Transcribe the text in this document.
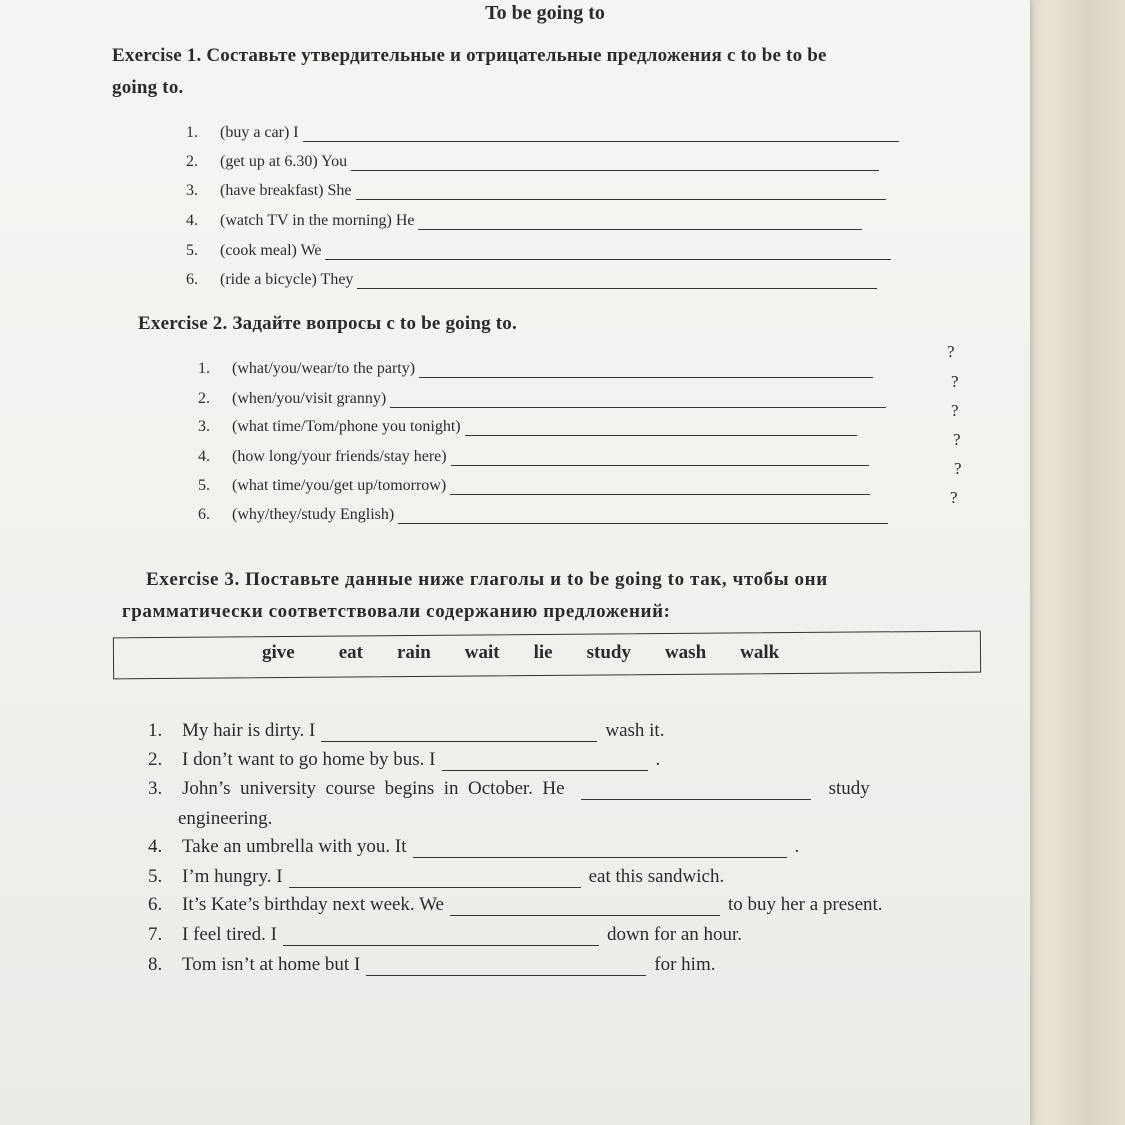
To be going to
Exercise 1. Составьте утвердительные и отрицательные предложения с to be to be
going to.
1.	(buy a car) I
2.	(get up at 6.30) You
3.	(have breakfast) She
4.	(watch TV in the morning) He
5.	(cook meal) We
6.	(ride a bicycle) They
Exercise 2. Задайте вопросы с to be going to.
1.	(what/you/wear/to the party)
2.	(when/you/visit granny)
3.	(what time/Tom/phone you tonight)
4.	(how long/your friends/stay here)
5.	(what time/you/get up/tomorrow)
6.	(why/they/study English)
?
?
?
?
?
?
Exercise 3. Поставьте данные ниже глаголы и to be going to так, чтобы они
грамматически соответствовали содержанию предложений:
give eat rain wait lie study wash walk
1.	My hair is dirty. I	wash it.
2.	I don’t want to go home by bus. I	.
3.	John’s  university  course  begins  in  October.  He	study
engineering.
4.	Take an umbrella with you. It	.
5.	I’m hungry. I	eat this sandwich.
6.	It’s Kate’s birthday next week. We	to buy her a present.
7.	I feel tired. I	down for an hour.
8.	Tom isn’t at home but I	for him.
